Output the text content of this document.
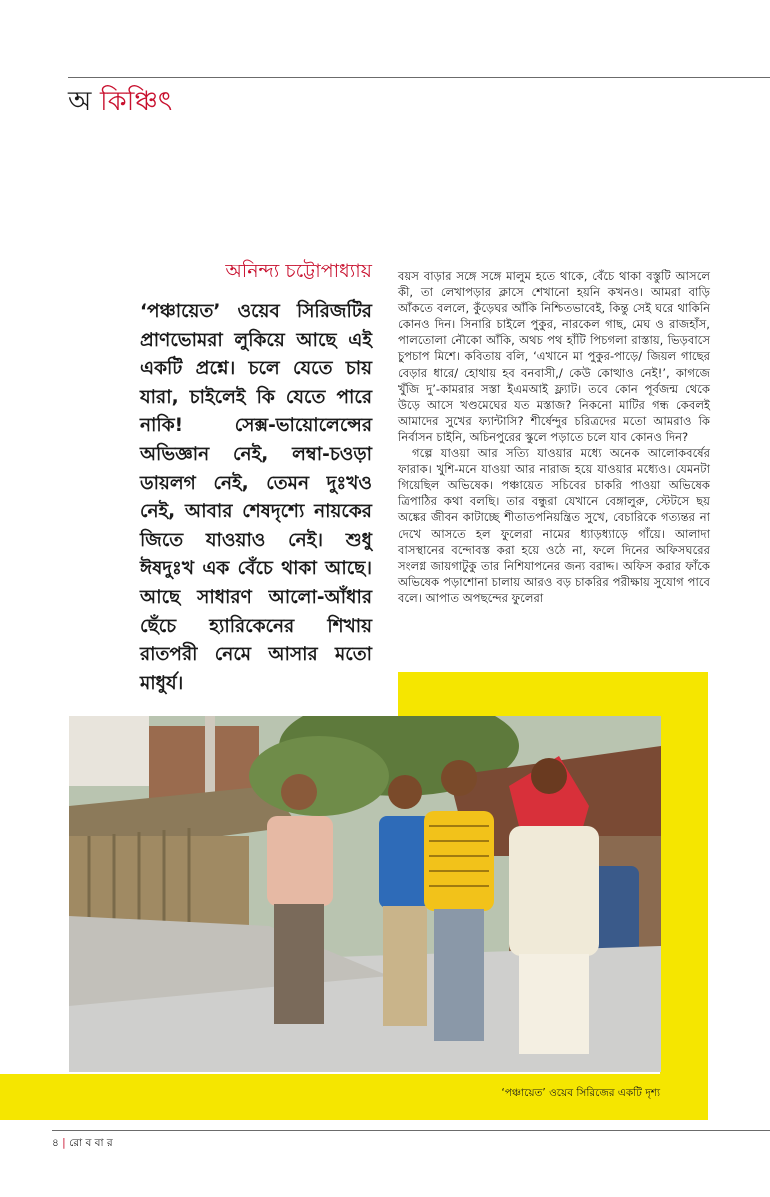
অ কিঞ্চিৎ
অনিন্দ্য চট্টোপাধ্যায়

‘পঞ্চায়েত’ ওয়েব সিরিজটির প্রাণভোমরা লুকিয়ে আছে এই একটি প্রশ্নে। চলে যেতে চায় যারা, চাইলেই কি যেতে পারে নাকি! সেক্স-ভায়োলেন্সের অভিজ্ঞান নেই, লম্বা-চওড়া ডায়লগ নেই, তেমন দুঃখও নেই, আবার শেষদৃশ্যে নায়কের জিতে যাওয়াও নেই। শুধু ঈষদুঃখ এক বেঁচে থাকা আছে। আছে সাধারণ আলো-আঁধার ছেঁচে হ্যারিকেনের শিখায় রাতপরী নেমে আসার মতো মাধুর্য।

বয়স বাড়ার সঙ্গে সঙ্গে মালুম হতে থাকে, বেঁচে থাকা বস্তুটি আসলে কী, তা লেখাপড়ার ক্লাসে শেখানো হয়নি কখনও। আমরা বাড়ি আঁকতে বললে, কুঁড়েঘর আঁকি নিশ্চিতভাবেই, কিন্তু সেই ঘরে থাকিনি কোনও দিন। সিনারি চাইলে পুকুর, নারকেল গাছ, মেঘ ও রাজহাঁস, পালতোলা নৌকো আঁকি, অথচ পথ হাঁটি পিচগলা রাস্তায়, ভিড়বাসে চুপচাপ মিশে। কবিতায় বলি, ‘এখানে মা পুকুর-পাড়ে/ জিয়ল গাছের বেড়ার ধারে/ হোথায় হব বনবাসী,/ কেউ কোত্থাও নেই!’, কাগজে খুঁজি দু’-কামরার সস্তা ইএমআই ফ্ল্যাট। তবে কোন পূর্বজন্ম থেকে উড়ে আসে খণ্ডমেঘের যত মস্তাজ? নিকনো মাটির গন্ধ কেবলই আমাদের সুখের ফ্যান্টাসি? শীর্ষেন্দুর চরিত্রদের মতো আমরাও কি নির্বাসন চাইনি, অচিনপুরের স্কুলে পড়াতে চলে যাব কোনও দিন?

গল্পে যাওয়া আর সত্যি যাওয়ার মধ্যে অনেক আলোকবর্ষের ফারাক। খুশি-মনে যাওয়া আর নারাজ হয়ে যাওয়ার মধ্যেও। যেমনটা গিয়েছিল অভিষেক। পঞ্চায়েত সচিবের চাকরি পাওয়া অভিষেক ত্রিপাঠির কথা বলছি। তার বন্ধুরা যেখানে বেঙ্গালুরু, স্টেটসে ছয় অঙ্কের জীবন কাটাচ্ছে শীতাতপনিয়ন্ত্রিত সুখে, বেচারিকে গত্যন্তর না দেখে আসতে হল ফুলেরা নামের ধ্যাড়ধ্যাড়ে গাঁয়ে। আলাদা বাসস্থানের বন্দোবস্ত করা হয়ে ওঠে না, ফলে দিনের অফিসঘরের সংলগ্ন জায়গাটুকু তার নিশিযাপনের জন্য বরাদ্দ। অফিস করার ফাঁকে অভিষেক পড়াশোনা চালায় আরও বড় চাকরির পরীক্ষায় সুযোগ পাবে বলে। আপাত অপছন্দের ফুলেরা

‘পঞ্চায়েত’ ওয়েব সিরিজের একটি দৃশ্য
৪ | রো ব বা র
